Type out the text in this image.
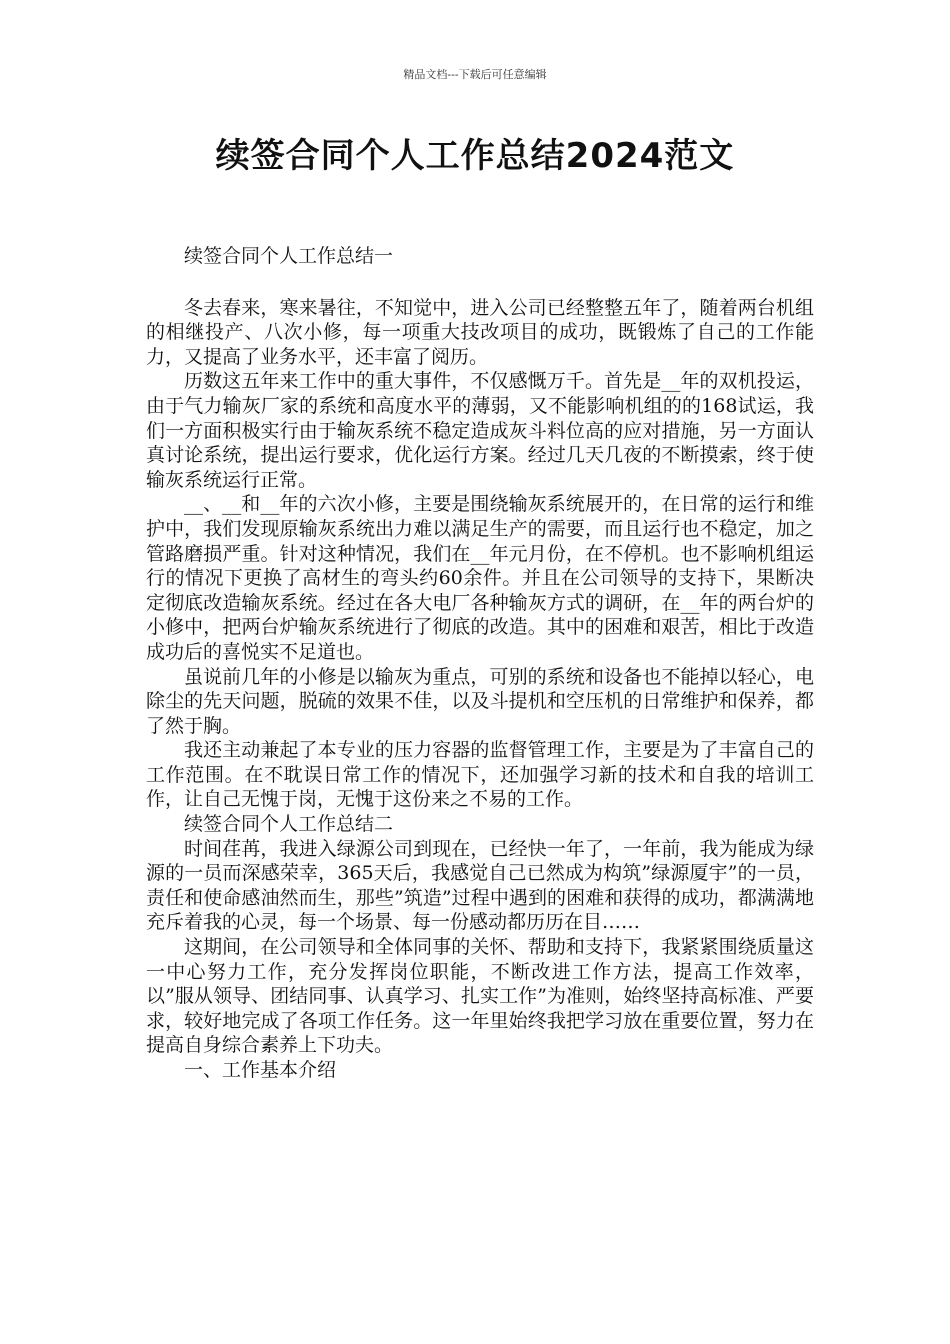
精品文档---下载后可任意编辑
续签合同个人工作总结2024范文

续签合同个人工作总结一

冬去春来，寒来暑往，不知觉中，进入公司已经整整五年了，随着两台机组的相继投产、八次小修，每一项重大技改项目的成功，既锻炼了自己的工作能力，又提高了业务水平，还丰富了阅历。

历数这五年来工作中的重大事件，不仅感慨万千。首先是__年的双机投运，由于气力输灰厂家的系统和高度水平的薄弱，又不能影响机组的的168试运，我们一方面积极实行由于输灰系统不稳定造成灰斗料位高的应对措施，另一方面认真讨论系统，提出运行要求，优化运行方案。经过几天几夜的不断摸索，终于使输灰系统运行正常。

__、__和__年的六次小修，主要是围绕输灰系统展开的，在日常的运行和维护中，我们发现原输灰系统出力难以满足生产的需要，而且运行也不稳定，加之管路磨损严重。针对这种情况，我们在__年元月份，在不停机。也不影响机组运行的情况下更换了高材生的弯头约60余件。并且在公司领导的支持下，果断决定彻底改造输灰系统。经过在各大电厂各种输灰方式的调研，在__年的两台炉的小修中，把两台炉输灰系统进行了彻底的改造。其中的困难和艰苦，相比于改造成功后的喜悦实不足道也。

虽说前几年的小修是以输灰为重点，可别的系统和设备也不能掉以轻心，电除尘的先天问题，脱硫的效果不佳，以及斗提机和空压机的日常维护和保养，都了然于胸。

我还主动兼起了本专业的压力容器的监督管理工作，主要是为了丰富自己的工作范围。在不耽误日常工作的情况下，还加强学习新的技术和自我的培训工作，让自己无愧于岗，无愧于这份来之不易的工作。

续签合同个人工作总结二

时间荏苒，我进入绿源公司到现在，已经快一年了，一年前，我为能成为绿源的一员而深感荣幸，365天后，我感觉自己已然成为构筑”绿源厦宇”的一员，责任和使命感油然而生，那些”筑造”过程中遇到的困难和获得的成功，都满满地充斥着我的心灵，每一个场景、每一份感动都历历在目……

这期间，在公司领导和全体同事的关怀、帮助和支持下，我紧紧围绕质量这一中心努力工作，充分发挥岗位职能，不断改进工作方法，提高工作效率，以”服从领导、团结同事、认真学习、扎实工作”为准则，始终坚持高标准、严要求，较好地完成了各项工作任务。这一年里始终我把学习放在重要位置，努力在提高自身综合素养上下功夫。

一、工作基本介绍
